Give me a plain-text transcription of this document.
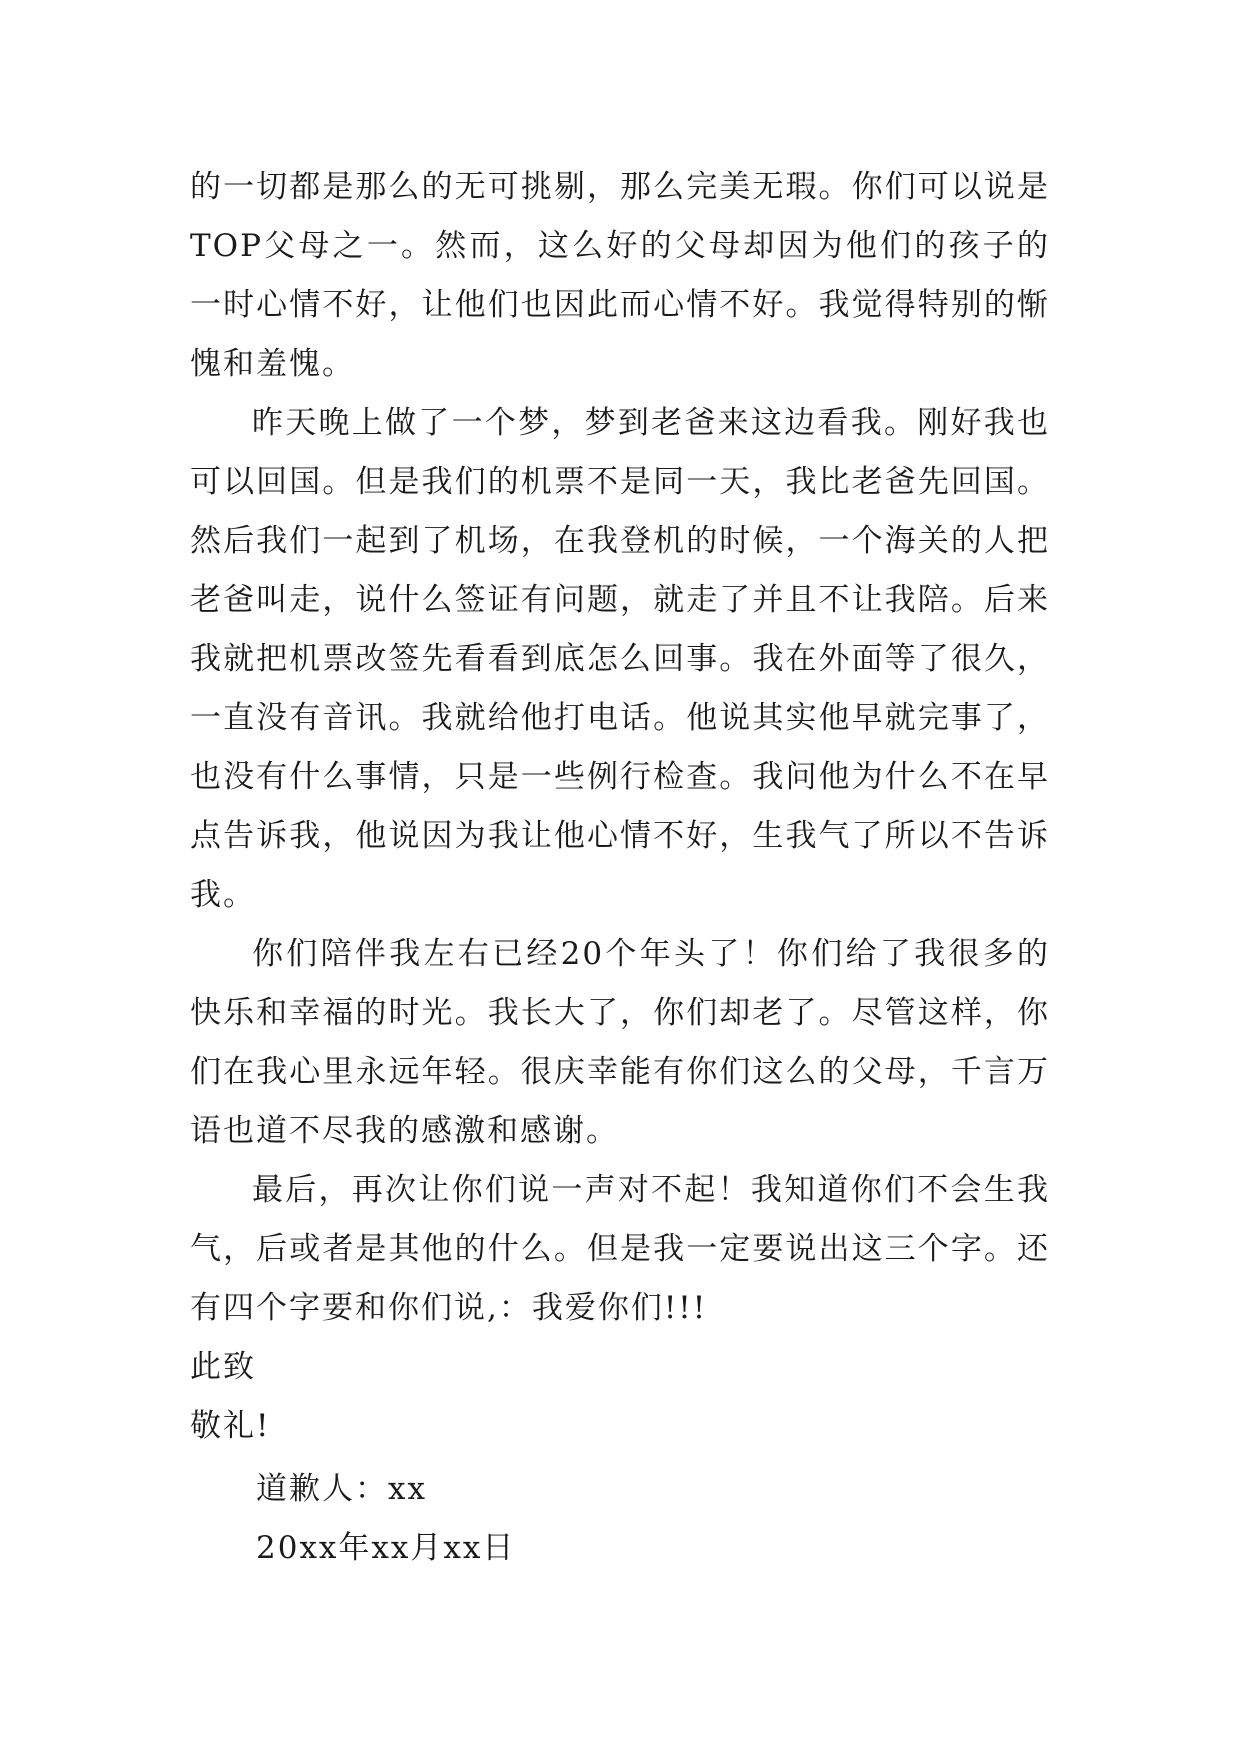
的一切都是那么的无可挑剔，那么完美无瑕。你们可以说是TOP父母之一。然而，这么好的父母却因为他们的孩子的一时心情不好，让他们也因此而心情不好。我觉得特别的惭愧和羞愧。

昨天晚上做了一个梦，梦到老爸来这边看我。刚好我也可以回国。但是我们的机票不是同一天，我比老爸先回国。然后我们一起到了机场，在我登机的时候，一个海关的人把老爸叫走，说什么签证有问题，就走了并且不让我陪。后来我就把机票改签先看看到底怎么回事。我在外面等了很久，一直没有音讯。我就给他打电话。他说其实他早就完事了，也没有什么事情，只是一些例行检查。我问他为什么不在早点告诉我，他说因为我让他心情不好，生我气了所以不告诉我。

你们陪伴我左右已经20个年头了！你们给了我很多的快乐和幸福的时光。我长大了，你们却老了。尽管这样，你们在我心里永远年轻。很庆幸能有你们这么的父母，千言万语也道不尽我的感激和感谢。

最后，再次让你们说一声对不起！我知道你们不会生我气，后或者是其他的什么。但是我一定要说出这三个字。还有四个字要和你们说,：我爱你们!!!

此致

敬礼!

道歉人：xx

20xx年xx月xx日
